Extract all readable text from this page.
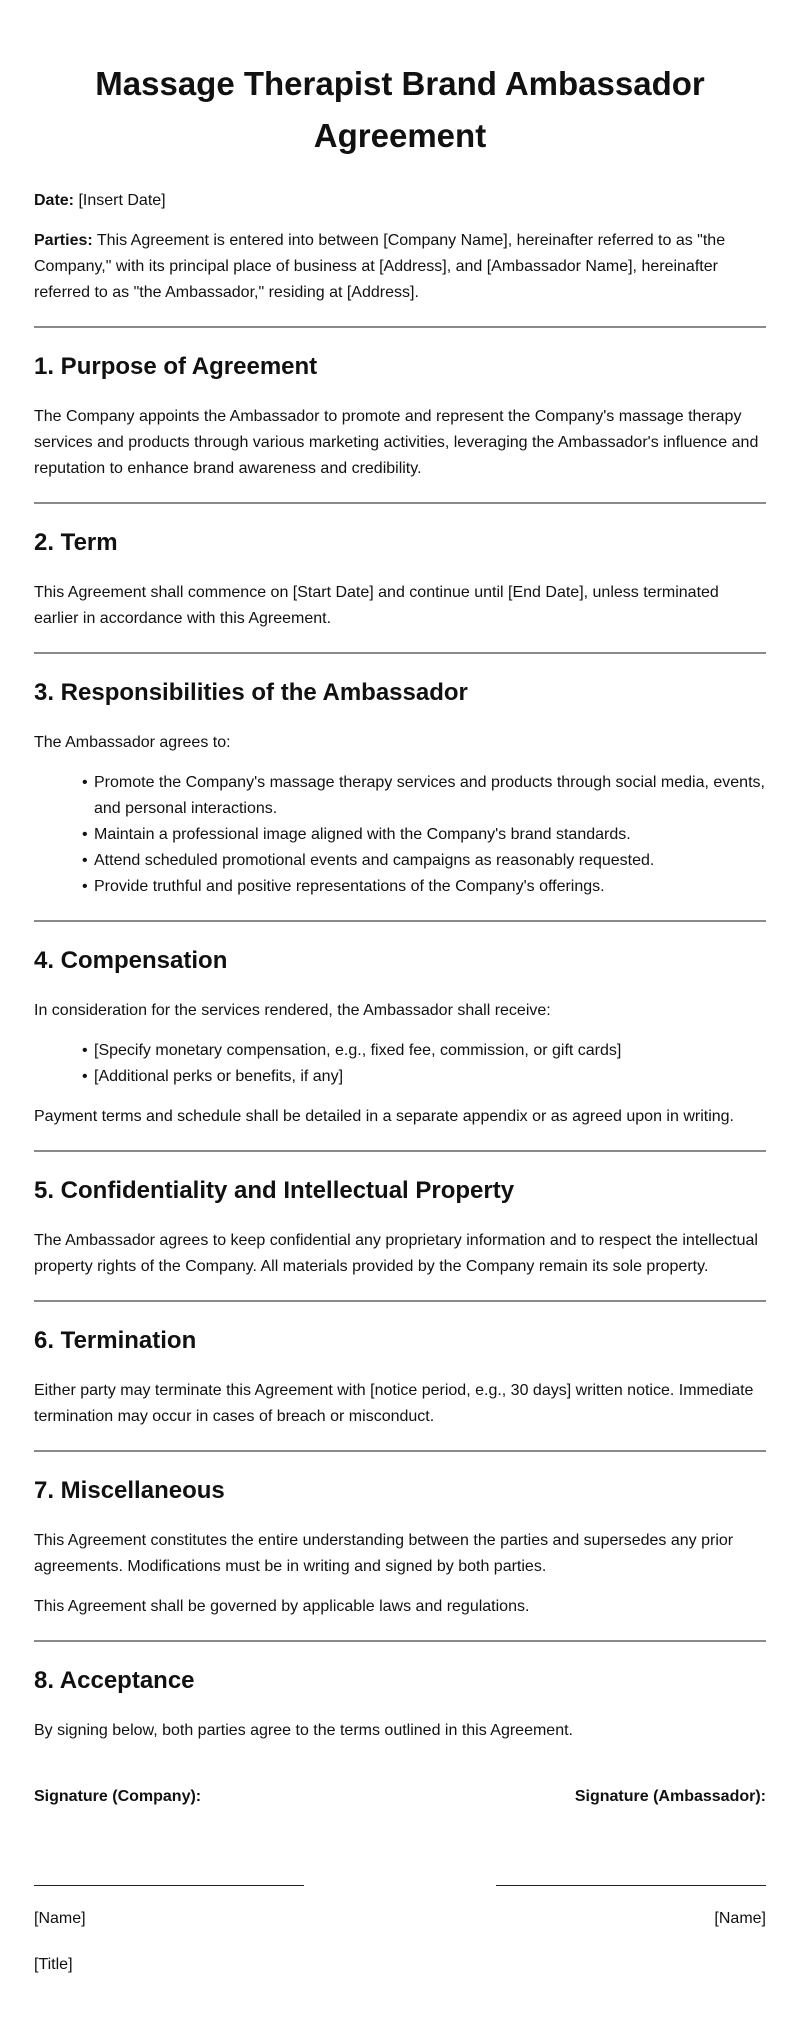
Massage Therapist Brand Ambassador Agreement

Date: [Insert Date]

Parties: This Agreement is entered into between [Company Name], hereinafter referred to as "the Company," with its principal place of business at [Address], and [Ambassador Name], hereinafter referred to as "the Ambassador," residing at [Address].

1. Purpose of Agreement

The Company appoints the Ambassador to promote and represent the Company's massage therapy services and products through various marketing activities, leveraging the Ambassador's influence and reputation to enhance brand awareness and credibility.

2. Term

This Agreement shall commence on [Start Date] and continue until [End Date], unless terminated earlier in accordance with this Agreement.

3. Responsibilities of the Ambassador

The Ambassador agrees to:

• Promote the Company's massage therapy services and products through social media, events, and personal interactions.
• Maintain a professional image aligned with the Company's brand standards.
• Attend scheduled promotional events and campaigns as reasonably requested.
• Provide truthful and positive representations of the Company's offerings.
4. Compensation

In consideration for the services rendered, the Ambassador shall receive:

• [Specify monetary compensation, e.g., fixed fee, commission, or gift cards]
• [Additional perks or benefits, if any]

Payment terms and schedule shall be detailed in a separate appendix or as agreed upon in writing.

5. Confidentiality and Intellectual Property

The Ambassador agrees to keep confidential any proprietary information and to respect the intellectual property rights of the Company. All materials provided by the Company remain its sole property.

6. Termination

Either party may terminate this Agreement with [notice period, e.g., 30 days] written notice. Immediate termination may occur in cases of breach or misconduct.

7. Miscellaneous

This Agreement constitutes the entire understanding between the parties and supersedes any prior agreements. Modifications must be in writing and signed by both parties.

This Agreement shall be governed by applicable laws and regulations.

8. Acceptance

By signing below, both parties agree to the terms outlined in this Agreement.

Signature (Company):

[Name]

[Title]

Signature (Ambassador):

[Name]
